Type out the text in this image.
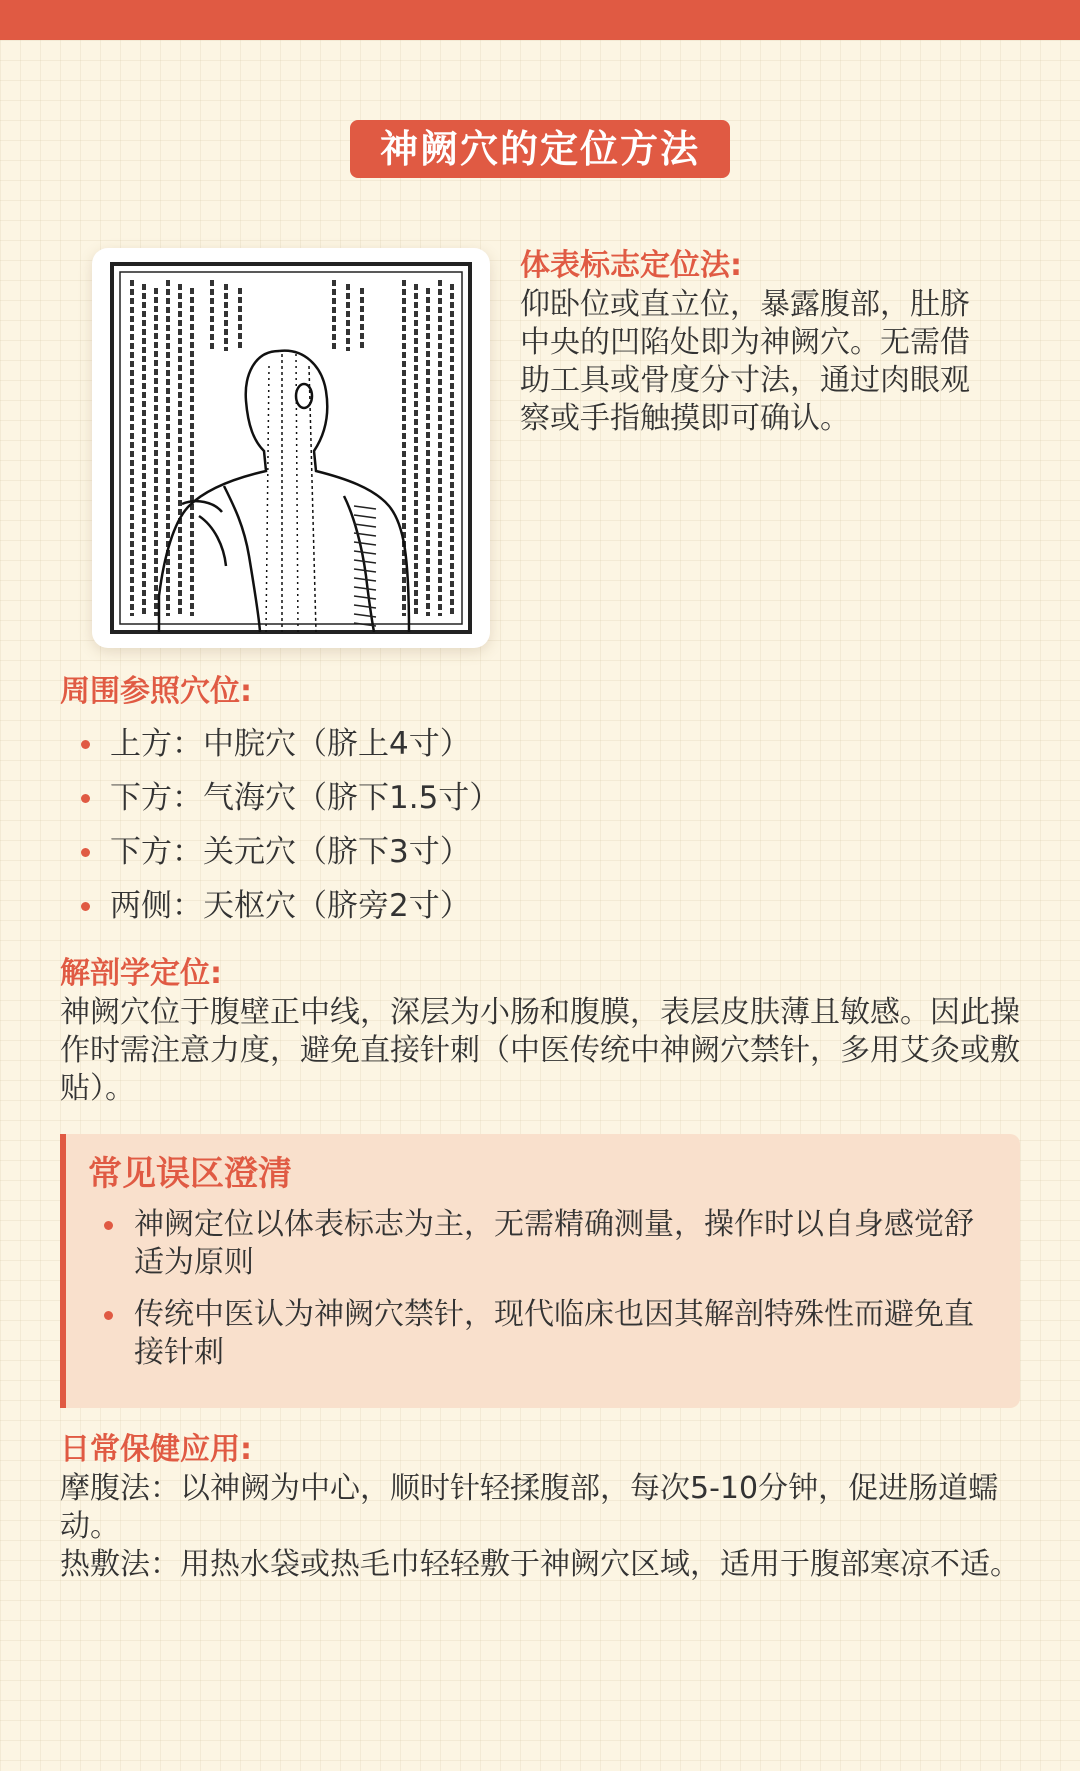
神阙穴的定位方法
体表标志定位法:
仰卧位或直立位，暴露腹部，肚脐中央的凹陷处即为神阙穴。无需借助工具或骨度分寸法，通过肉眼观察或手指触摸即可确认。
周围参照穴位:
上方：中脘穴（脐上4寸）
下方：气海穴（脐下1.5寸）
下方：关元穴（脐下3寸）
两侧：天枢穴（脐旁2寸）
解剖学定位:
神阙穴位于腹壁正中线，深层为小肠和腹膜，表层皮肤薄且敏感。因此操作时需注意力度，避免直接针刺（中医传统中神阙穴禁针，多用艾灸或敷贴）。
常见误区澄清
神阙定位以体表标志为主，无需精确测量，操作时以自身感觉舒适为原则
传统中医认为神阙穴禁针，现代临床也因其解剖特殊性而避免直接针刺
日常保健应用:
摩腹法：以神阙为中心，顺时针轻揉腹部，每次5-10分钟，促进肠道蠕动。
热敷法：用热水袋或热毛巾轻轻敷于神阙穴区域，适用于腹部寒凉不适。
